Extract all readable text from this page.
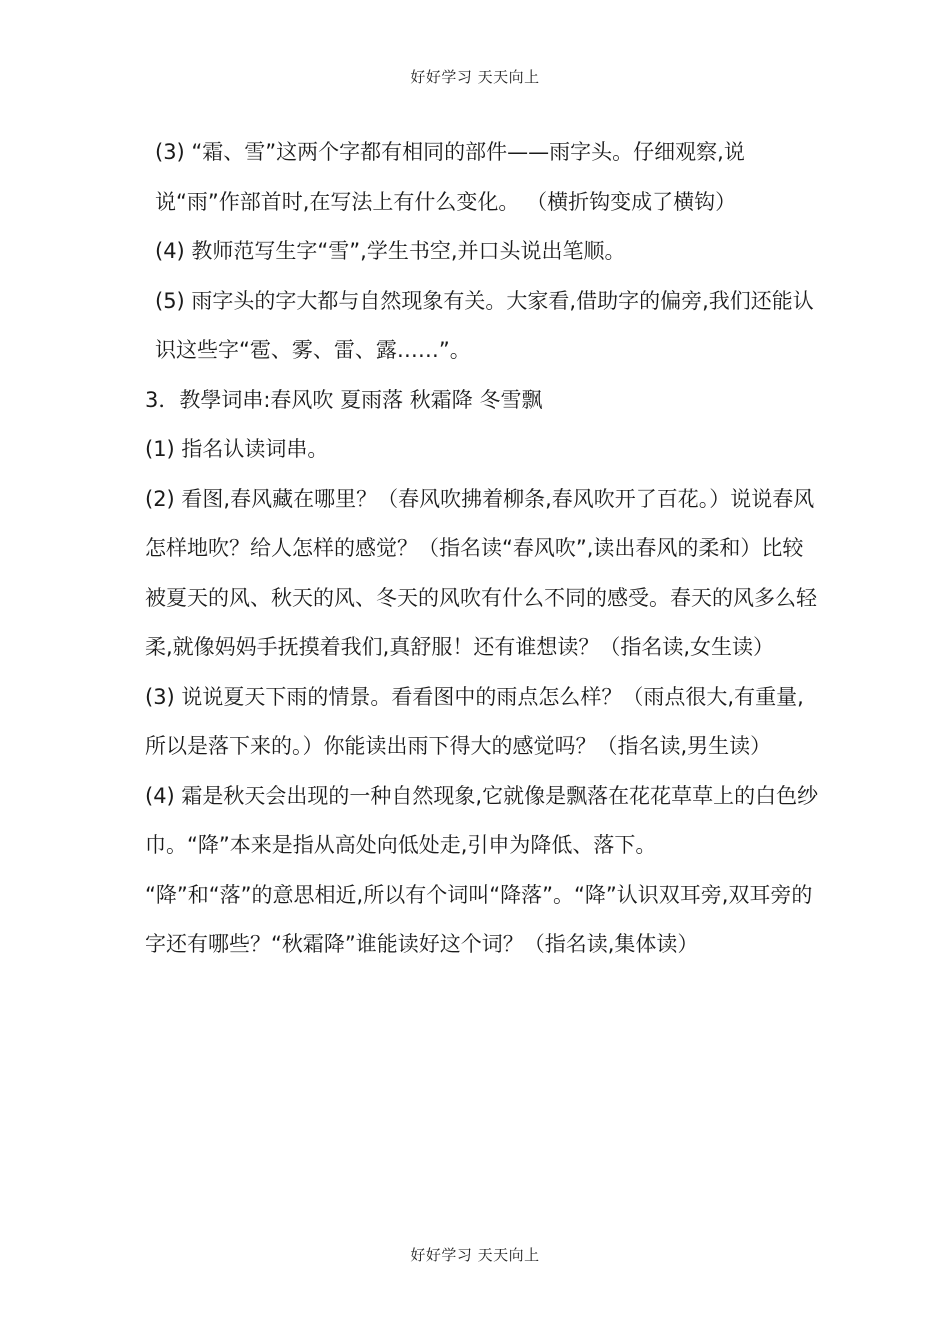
好好学习 天天向上

(3) “霜、雪”这两个字都有相同的部件——雨字头。仔细观察,说说“雨”作部首时,在写法上有什么变化。 （横折钩变成了横钩）

(4) 教师范写生字“雪”,学生书空,并口头说出笔顺。

(5) 雨字头的字大都与自然现象有关。大家看,借助字的偏旁,我们还能认识这些字“雹、雾、雷、露……”。

3．教學词串:春风吹 夏雨落 秋霜降 冬雪飘

(1) 指名认读词串。

(2) 看图,春风藏在哪里？（春风吹拂着柳条,春风吹开了百花。）说说春风怎样地吹？给人怎样的感觉？（指名读“春风吹”,读出春风的柔和）比较被夏天的风、秋天的风、冬天的风吹有什么不同的感受。春天的风多么轻柔,就像妈妈手抚摸着我们,真舒服！还有谁想读？（指名读,女生读）

(3) 说说夏天下雨的情景。看看图中的雨点怎么样？（雨点很大,有重量,所以是落下来的。）你能读出雨下得大的感觉吗？（指名读,男生读）

(4) 霜是秋天会出现的一种自然现象,它就像是飘落在花花草草上的白色纱巾。“降”本来是指从高处向低处走,引申为降低、落下。

“降”和“落”的意思相近,所以有个词叫“降落”。“降”认识双耳旁,双耳旁的字还有哪些？“秋霜降”谁能读好这个词？（指名读,集体读）

好好学习 天天向上
